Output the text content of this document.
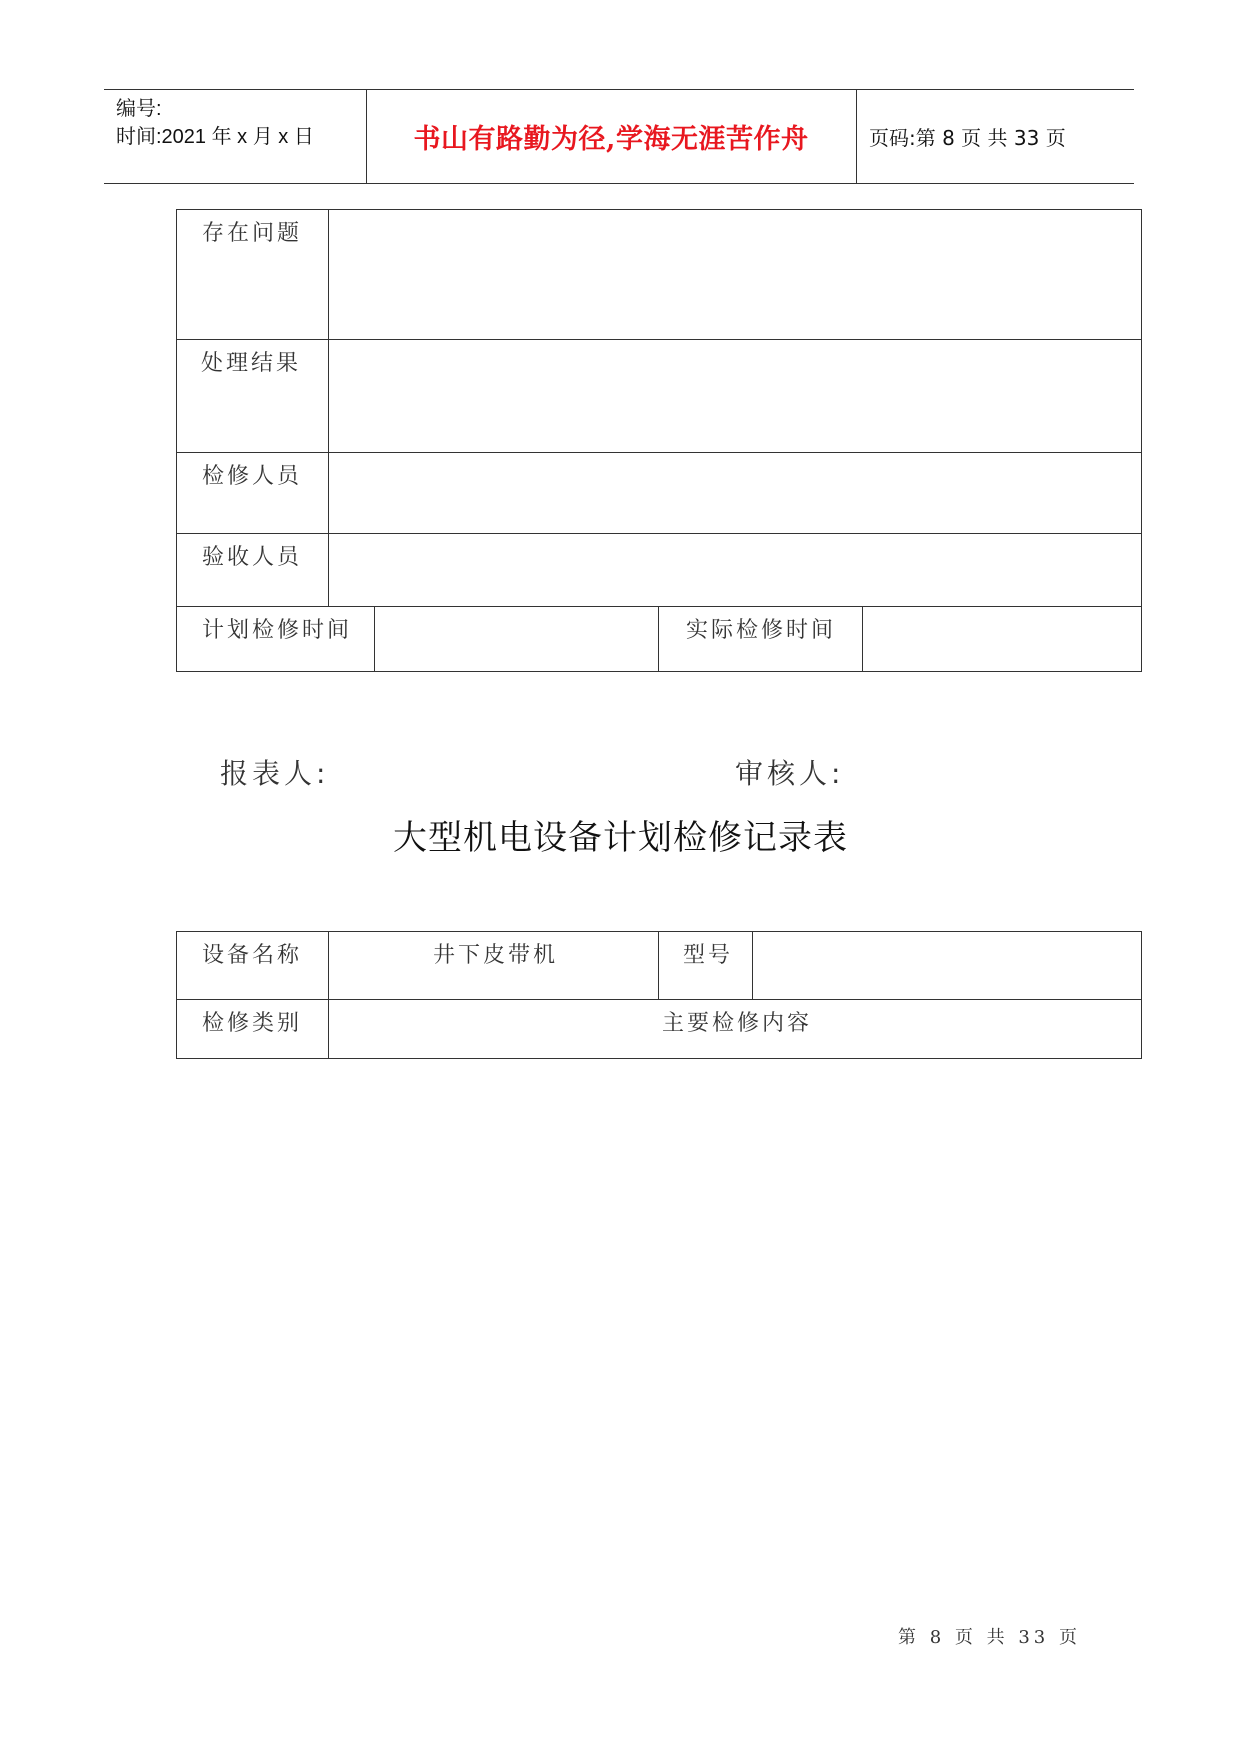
编号:
时间:2021 年 x 月 x 日	书山有路勤为径,学海无涯苦作舟	页码:第 8 页 共 33 页
存在问题
处理结果
检修人员
验收人员
计划检修时间	实际检修时间
报表人:	审核人:
大型机电设备计划检修记录表
设备名称	井下皮带机	型号
检修类别	主要检修内容
第 8 页 共 33 页
